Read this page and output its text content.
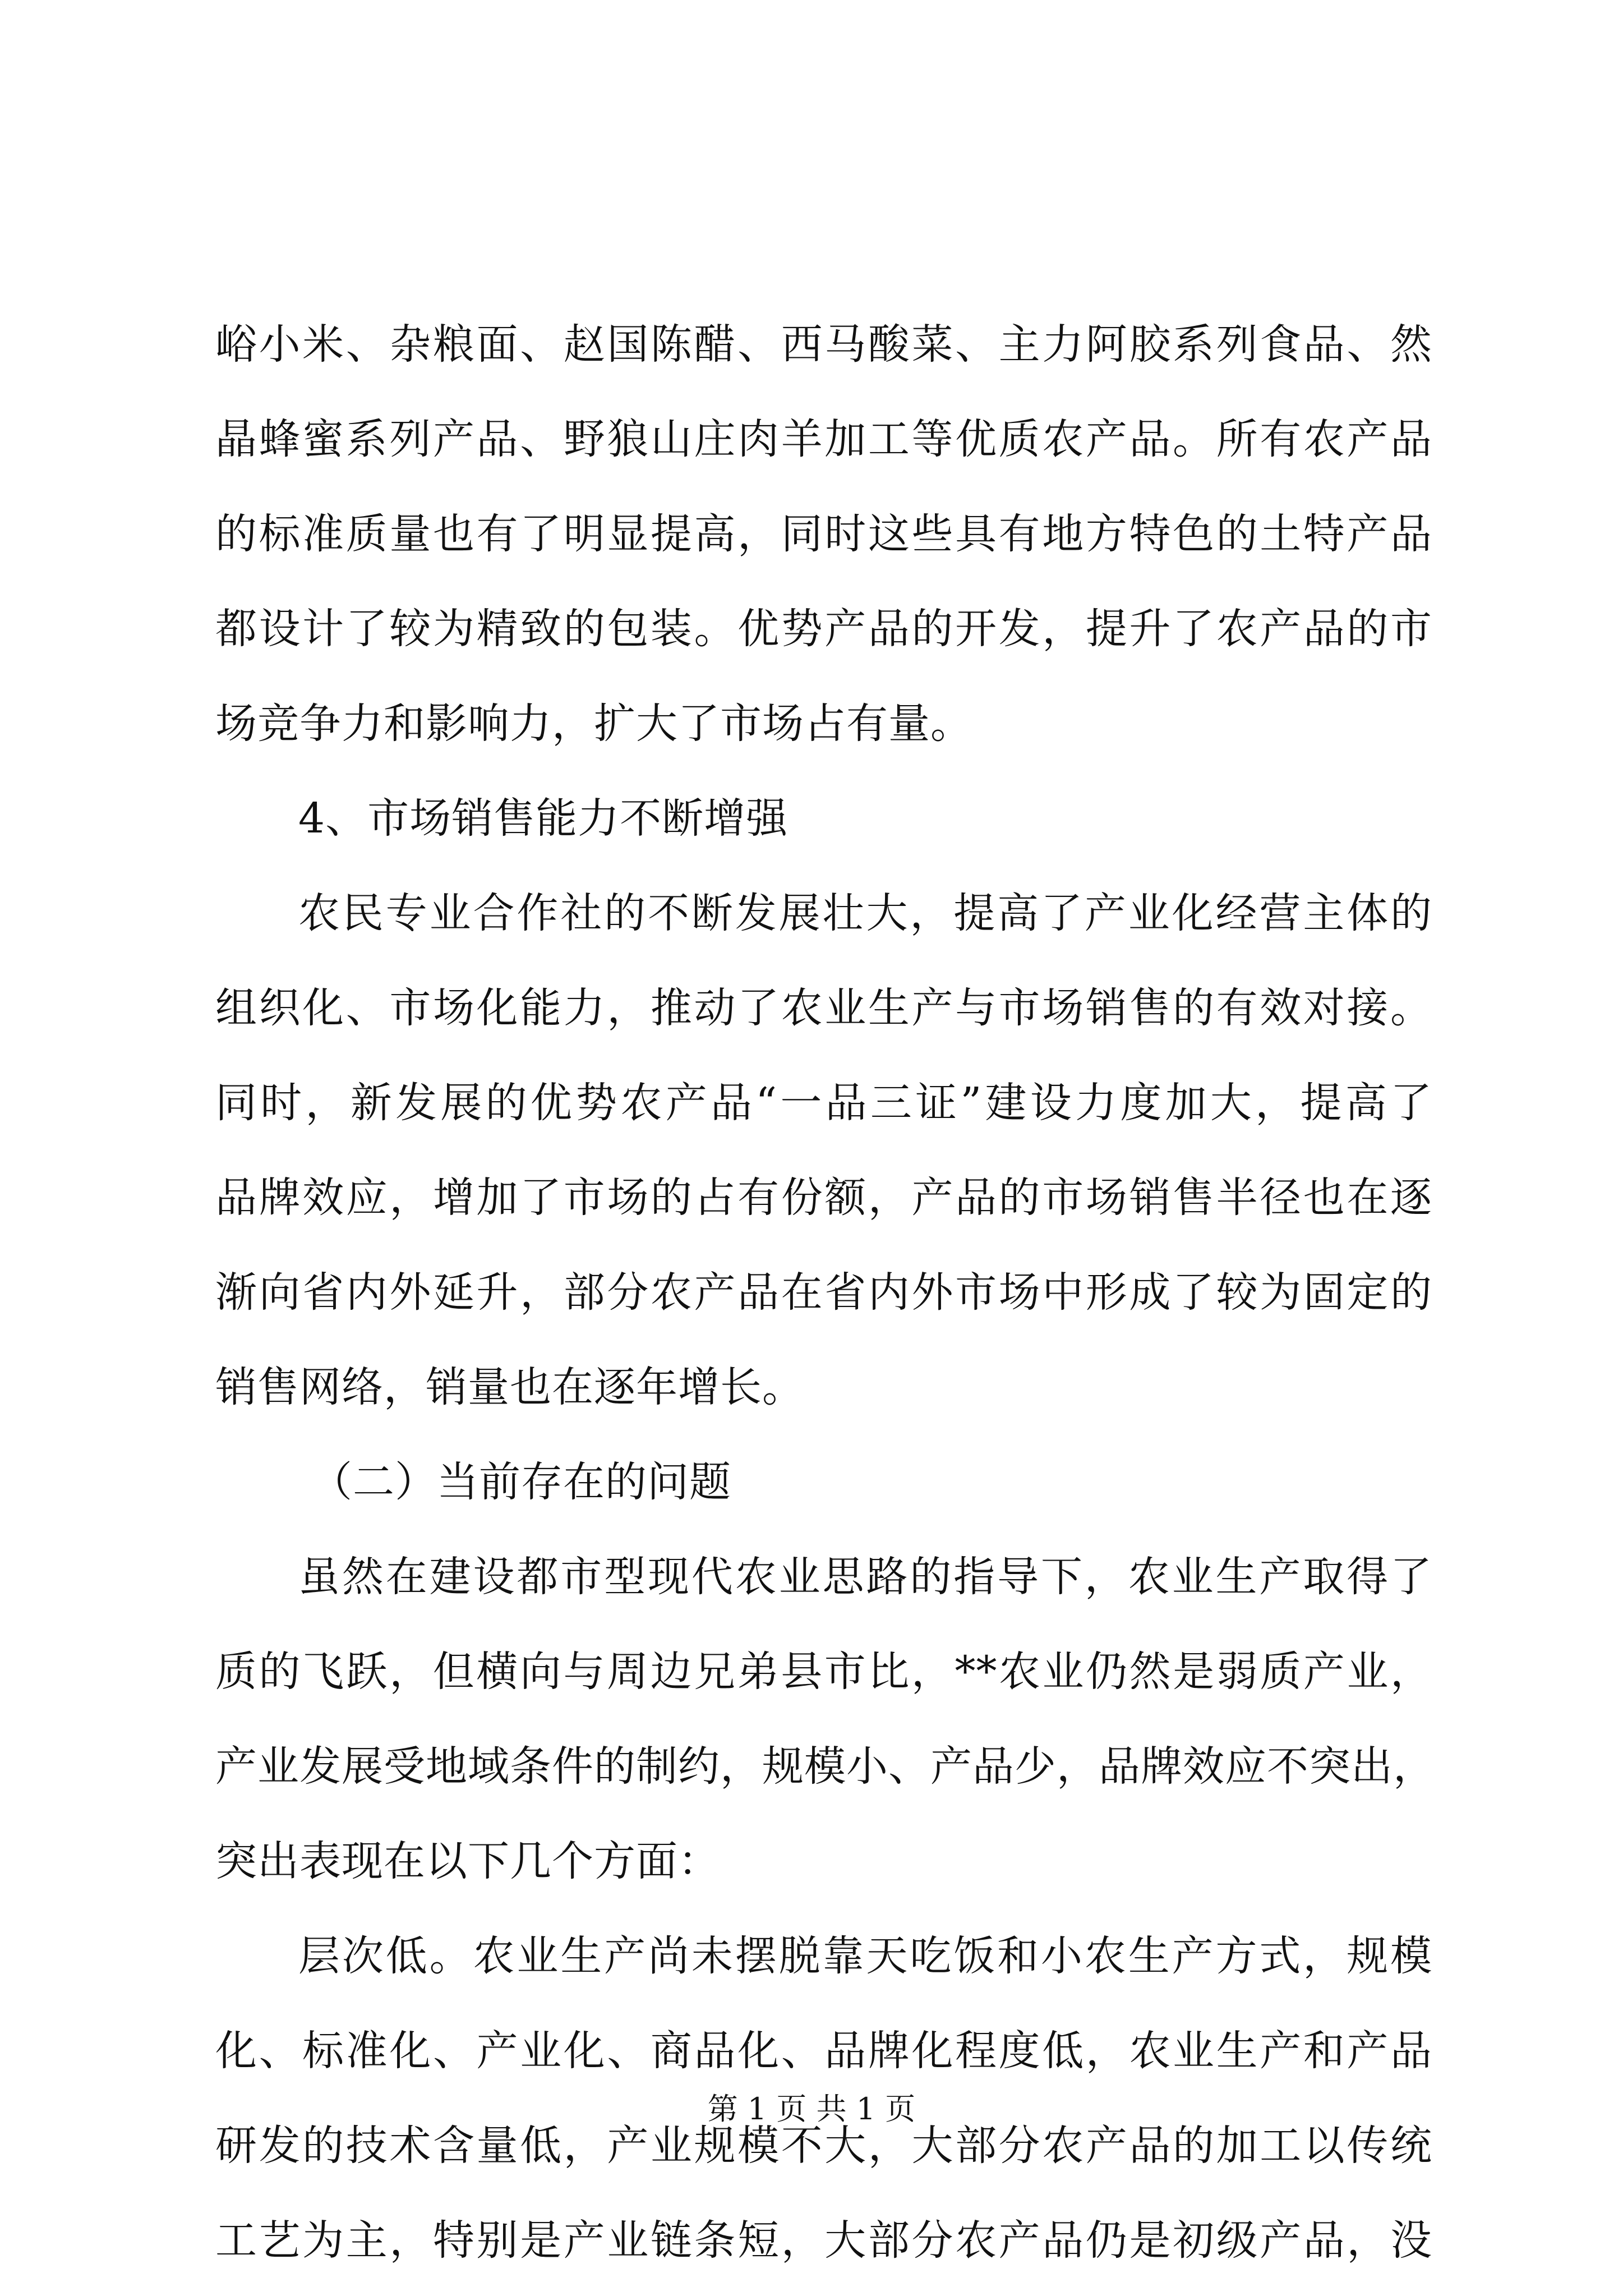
峪小米、杂粮面、赵国陈醋、西马酸菜、主力阿胶系列食品、然
晶蜂蜜系列产品、野狼山庄肉羊加工等优质农产品。所有农产品
的标准质量也有了明显提高，同时这些具有地方特色的土特产品
都设计了较为精致的包装。优势产品的开发，提升了农产品的市
场竞争力和影响力，扩大了市场占有量。
4、市场销售能力不断增强
农民专业合作社的不断发展壮大，提高了产业化经营主体的
组织化、市场化能力，推动了农业生产与市场销售的有效对接。
同时，新发展的优势农产品“一品三证”建设力度加大，提高了
品牌效应，增加了市场的占有份额，产品的市场销售半径也在逐
渐向省内外延升，部分农产品在省内外市场中形成了较为固定的
销售网络，销量也在逐年增长。
（二）当前存在的问题
虽然在建设都市型现代农业思路的指导下，农业生产取得了
质的飞跃，但横向与周边兄弟县市比，**农业仍然是弱质产业，
产业发展受地域条件的制约，规模小、产品少，品牌效应不突出，
突出表现在以下几个方面：
层次低。农业生产尚未摆脱靠天吃饭和小农生产方式，规模
化、标准化、产业化、商品化、品牌化程度低，农业生产和产品
研发的技术含量低，产业规模不大，大部分农产品的加工以传统
工艺为主，特别是产业链条短，大部分农产品仍是初级产品，没
第 1 页 共 1 页
